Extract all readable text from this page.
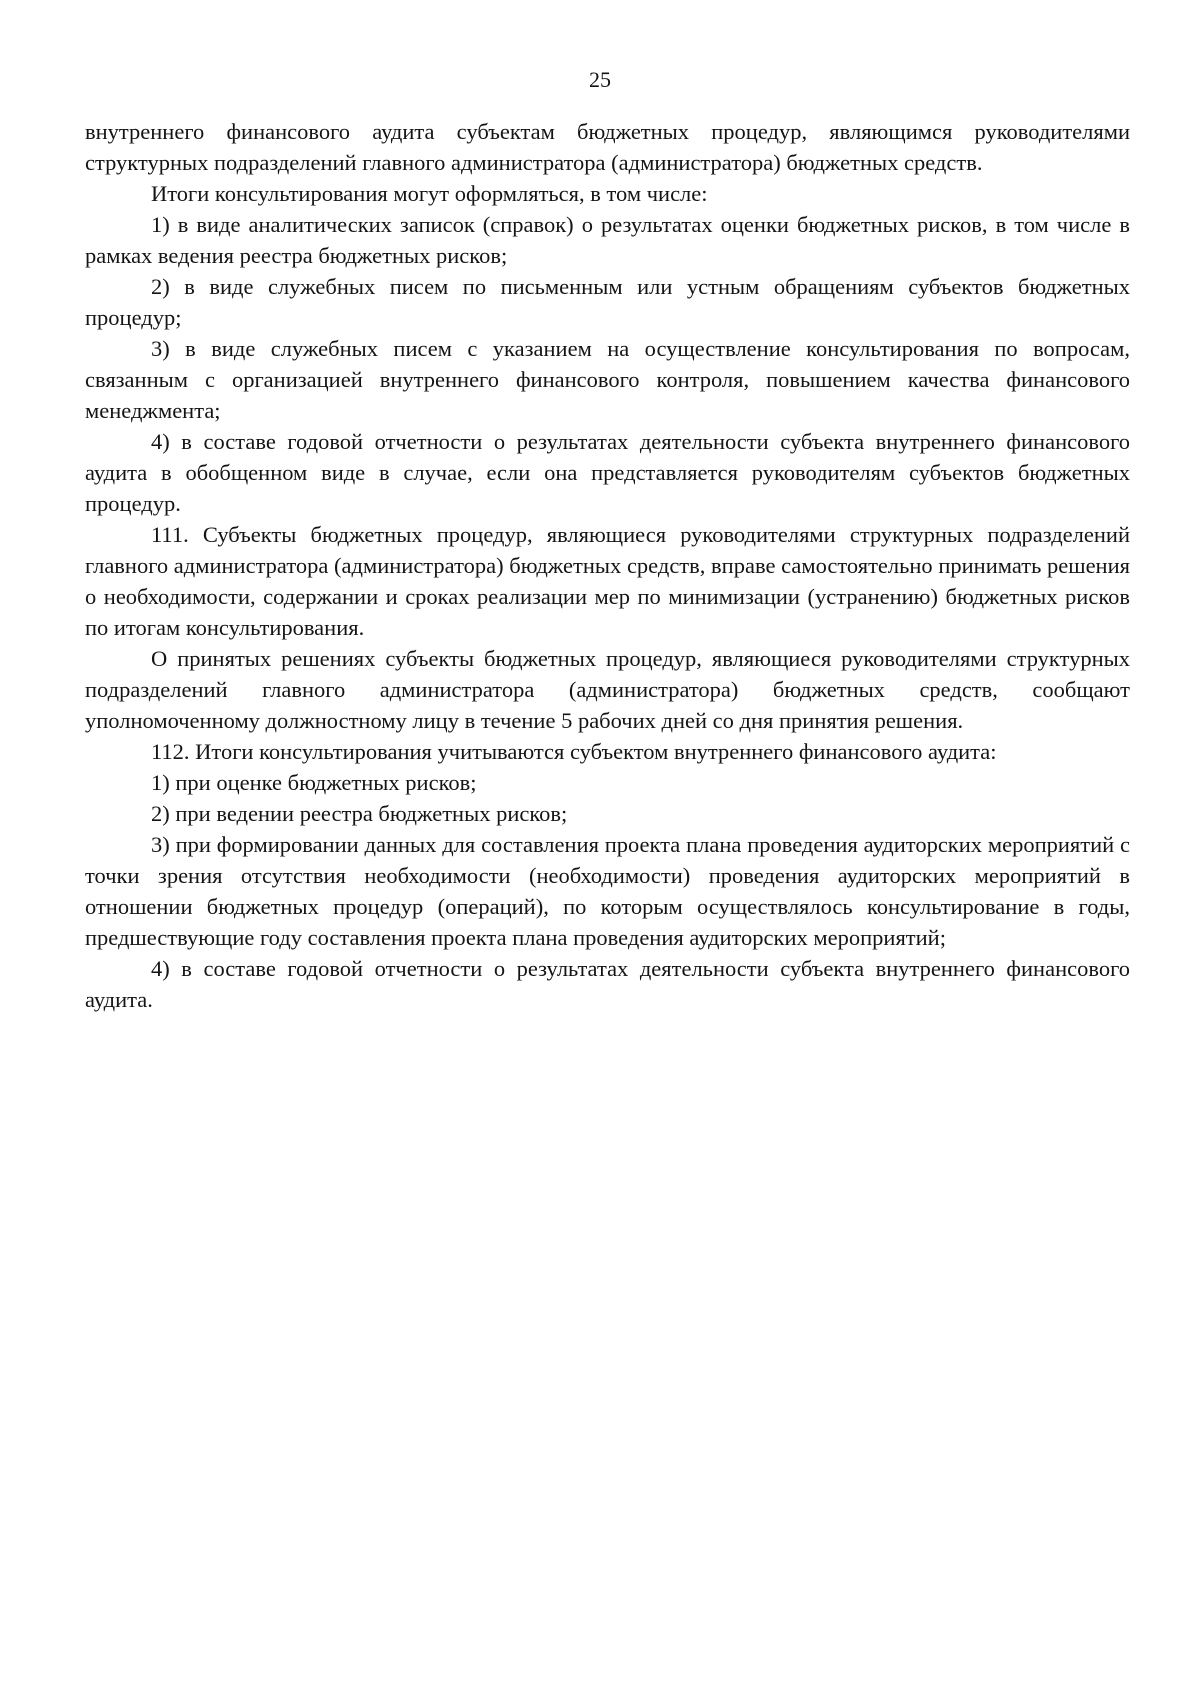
25

внутреннего финансового аудита субъектам бюджетных процедур, являющимся руководителями структурных подразделений главного администратора (администратора) бюджетных средств.

Итоги консультирования могут оформляться, в том числе:

1) в виде аналитических записок (справок) о результатах оценки бюджетных рисков, в том числе в рамках ведения реестра бюджетных рисков;

2) в виде служебных писем по письменным или устным обращениям субъектов бюджетных процедур;

3) в виде служебных писем с указанием на осуществление консультирования по вопросам, связанным с организацией внутреннего финансового контроля, повышением качества финансового менеджмента;

4) в составе годовой отчетности о результатах деятельности субъекта внутреннего финансового аудита в обобщенном виде в случае, если она представляется руководителям субъектов бюджетных процедур.

111. Субъекты бюджетных процедур, являющиеся руководителями структурных подразделений главного администратора (администратора) бюджетных средств, вправе самостоятельно принимать решения о необходимости, содержании и сроках реализации мер по минимизации (устранению) бюджетных рисков по итогам консультирования.

О принятых решениях субъекты бюджетных процедур, являющиеся руководителями структурных подразделений главного администратора (администратора) бюджетных средств, сообщают уполномоченному должностному лицу в течение 5 рабочих дней со дня принятия решения.

112. Итоги консультирования учитываются субъектом внутреннего финансового аудита:

1) при оценке бюджетных рисков;

2) при ведении реестра бюджетных рисков;

3) при формировании данных для составления проекта плана проведения аудиторских мероприятий с точки зрения отсутствия необходимости (необходимости) проведения аудиторских мероприятий в отношении бюджетных процедур (операций), по которым осуществлялось консультирование в годы, предшествующие году составления проекта плана проведения аудиторских мероприятий;

4) в составе годовой отчетности о результатах деятельности субъекта внутреннего финансового аудита.
